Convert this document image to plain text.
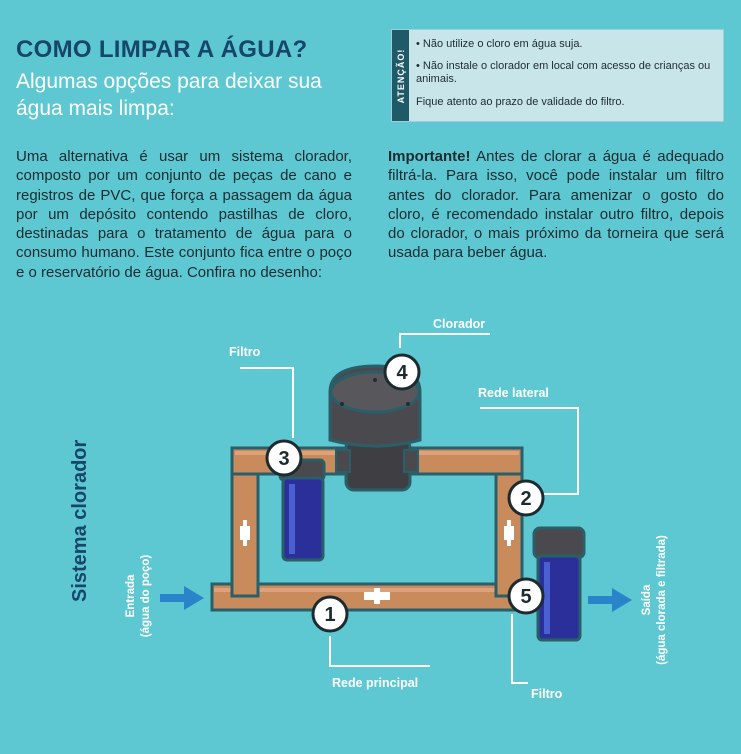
COMO LIMPAR A ÁGUA?
Algumas opções para deixar sua água mais limpa:
ATENÇÃO!
• Não utilize o cloro em água suja.
• Não instale o clorador em local com acesso de crianças ou animais.
Fique atento ao prazo de validade do filtro.
Uma alternativa é usar um sistema clorador, composto por um conjunto de peças de cano e registros de PVC, que força a passagem da água por um depósito contendo pastilhas de cloro, destinadas para o tratamento de água para o consumo humano. Este conjunto fica entre o poço e o reservatório de água. Confira no desenho:
Importante! Antes de clorar a água é adequado filtrá-la. Para isso, você pode instalar um filtro antes do clorador. Para amenizar o gosto do cloro, é recomendado instalar outro filtro, depois do clorador, o mais próximo da torneira que será usada para beber água.
Sistema clorador	Entrada (água do poço)	Saída (água clorada e filtrada)
1
2
3
4
5
Clorador
Filtro
Rede lateral
Rede principal
Filtro
